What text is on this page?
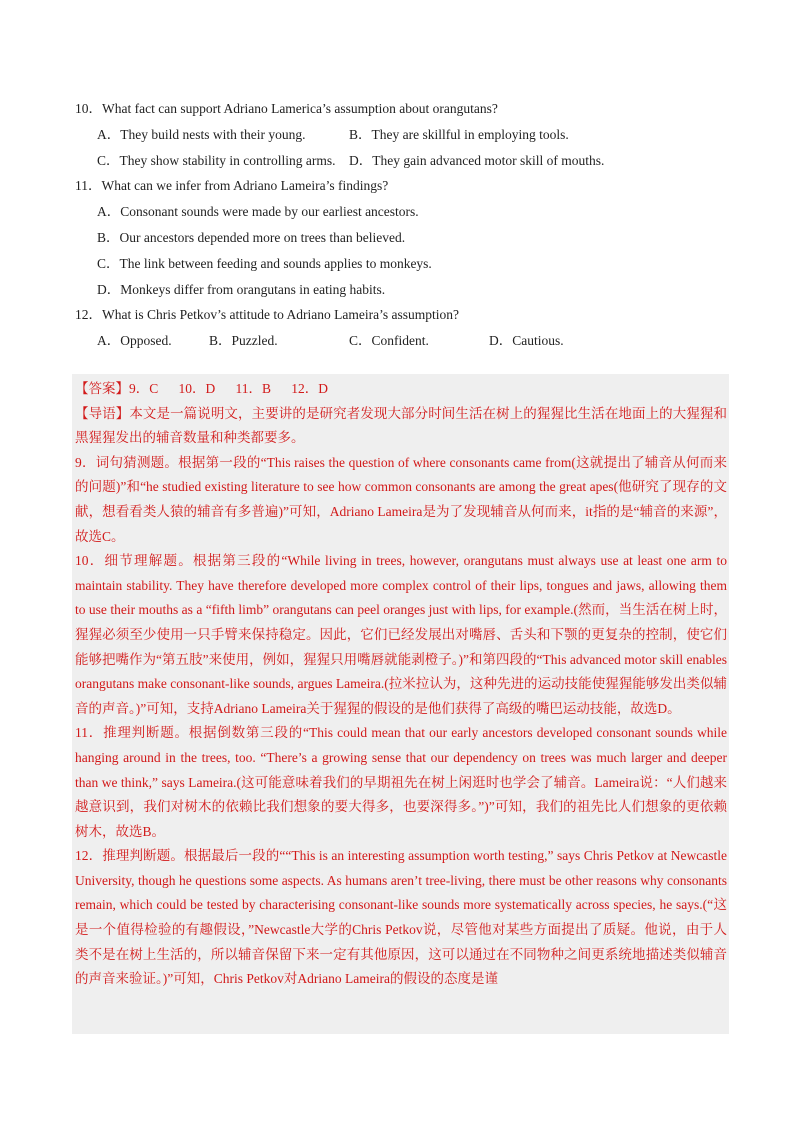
10．What fact can support Adriano Lamerica’s assumption about orangutans?
A．They build nests with their young.	B．They are skillful in employing tools.
C．They show stability in controlling arms.	D．They gain advanced motor skill of mouths.
11．What can we infer from Adriano Lameira’s findings?
A．Consonant sounds were made by our earliest ancestors.
B．Our ancestors depended more on trees than believed.
C．The link between feeding and sounds applies to monkeys.
D．Monkeys differ from orangutans in eating habits.
12．What is Chris Petkov’s attitude to Adriano Lameira’s assumption?
A．Opposed.	B．Puzzled.	C．Confident.	D．Cautious.

【答案】9．C      10．D      11．B      12．D

【导语】本文是一篇说明文，主要讲的是研究者发现大部分时间生活在树上的猩猩比生活在地面上的大猩猩和黑猩猩发出的辅音数量和种类都要多。

9．词句猜测题。根据第一段的“This raises the question of where consonants came from(这就提出了辅音从何而来的问题)”和“he studied existing literature to see how common consonants are among the great apes(他研究了现存的文献，想看看类人猿的辅音有多普遍)”可知，Adriano Lameira是为了发现辅音从何而来，it指的是“辅音的来源”，故选C。

10．细节理解题。根据第三段的“While living in trees, however, orangutans must always use at least one arm to maintain stability. They have therefore developed more complex control of their lips, tongues and jaws, allowing them to use their mouths as a “fifth limb” orangutans can peel oranges just with lips, for example.(然而，当生活在树上时，猩猩必须至少使用一只手臂来保持稳定。因此，它们已经发展出对嘴唇、舌头和下颚的更复杂的控制，使它们能够把嘴作为“第五肢”来使用，例如，猩猩只用嘴唇就能剥橙子。)”和第四段的“This advanced motor skill enables orangutans make consonant-like sounds, argues Lameira.(拉米拉认为，这种先进的运动技能使猩猩能够发出类似辅音的声音。)”可知，支持Adriano Lameira关于猩猩的假设的是他们获得了高级的嘴巴运动技能，故选D。

11．推理判断题。根据倒数第三段的“This could mean that our early ancestors developed consonant sounds while hanging around in the trees, too. “There’s a growing sense that our dependency on trees was much larger and deeper than we think,” says Lameira.(这可能意味着我们的早期祖先在树上闲逛时也学会了辅音。Lameira说：“人们越来越意识到，我们对树木的依赖比我们想象的要大得多，也要深得多。”)”可知，我们的祖先比人们想象的更依赖树木，故选B。

12．推理判断题。根据最后一段的““This is an interesting assumption worth testing,” says Chris Petkov at Newcastle University, though he questions some aspects. As humans aren’t tree-living, there must be other reasons why consonants remain, which could be tested by characterising consonant-like sounds more systematically across species, he says.(“这是一个值得检验的有趣假设，”Newcastle大学的Chris Petkov说，尽管他对某些方面提出了质疑。他说，由于人类不是在树上生活的，所以辅音保留下来一定有其他原因，这可以通过在不同物种之间更系统地描述类似辅音的声音来验证。)”可知，Chris Petkov对Adriano Lameira的假设的态度是谨
